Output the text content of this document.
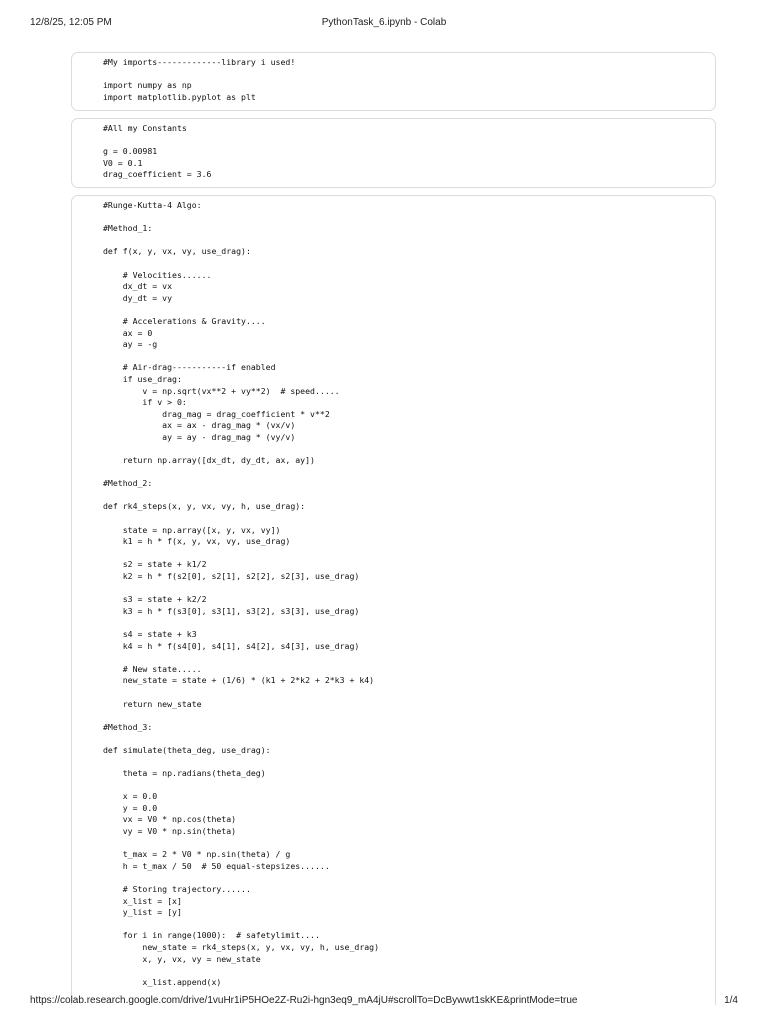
12/8/25, 12:05 PM	PythonTask_6.ipynb - Colab
#My imports-------------library i used!

import numpy as np
import matplotlib.pyplot as plt
#All my Constants

g = 0.00981
V0 = 0.1
drag_coefficient = 3.6
#Runge-Kutta-4 Algo:

#Method_1:

def f(x, y, vx, vy, use_drag):

# Velocities......
dx_dt = vx
dy_dt = vy

# Accelerations & Gravity....
ax = 0
ay = -g

# Air-drag-----------if enabled
if use_drag:
v = np.sqrt(vx**2 + vy**2)  # speed.....
if v > 0:
drag_mag = drag_coefficient * v**2
ax = ax - drag_mag * (vx/v)
ay = ay - drag_mag * (vy/v)

return np.array([dx_dt, dy_dt, ax, ay])

#Method_2:

def rk4_steps(x, y, vx, vy, h, use_drag):

state = np.array([x, y, vx, vy])
k1 = h * f(x, y, vx, vy, use_drag)

s2 = state + k1/2
k2 = h * f(s2[0], s2[1], s2[2], s2[3], use_drag)

s3 = state + k2/2
k3 = h * f(s3[0], s3[1], s3[2], s3[3], use_drag)

s4 = state + k3
k4 = h * f(s4[0], s4[1], s4[2], s4[3], use_drag)

# New state.....
new_state = state + (1/6) * (k1 + 2*k2 + 2*k3 + k4)

return new_state

#Method_3:

def simulate(theta_deg, use_drag):

theta = np.radians(theta_deg)

x = 0.0
y = 0.0
vx = V0 * np.cos(theta)
vy = V0 * np.sin(theta)

t_max = 2 * V0 * np.sin(theta) / g
h = t_max / 50  # 50 equal-stepsizes......

# Storing trajectory......
x_list = [x]
y_list = [y]

for i in range(1000):  # safetylimit....
new_state = rk4_steps(x, y, vx, vy, h, use_drag)
x, y, vx, vy = new_state

x_list.append(x)
https://colab.research.google.com/drive/1vuHr1iP5HOe2Z-Ru2i-hgn3eq9_mA4jU#scrollTo=DcBywwt1skKE&printMode=true	1/4
